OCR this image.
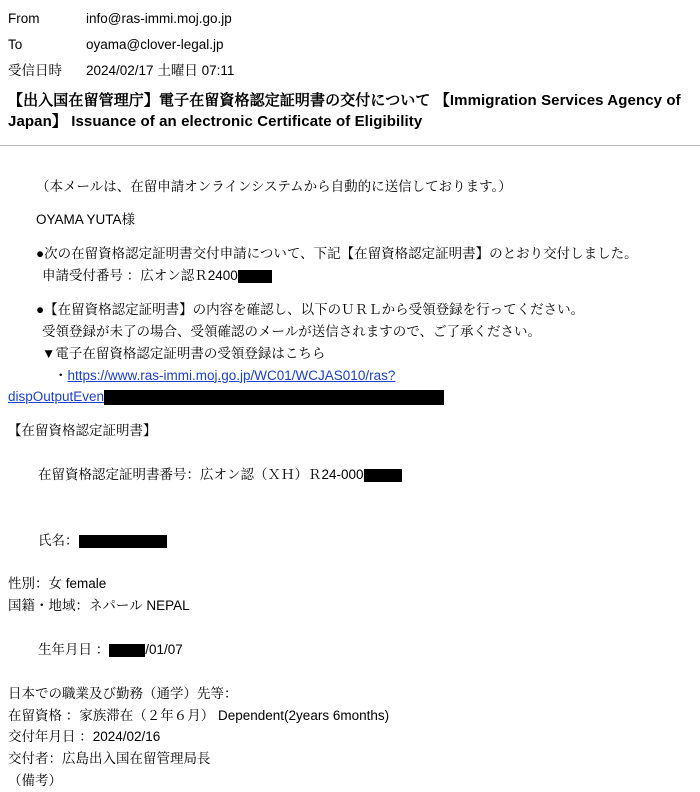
From	info@ras-immi.moj.go.jp
To	oyama@clover-legal.jp
受信日時	2024/02/17 土曜日 07:11
【出入国在留管理庁】電子在留資格認定証明書の交付について 【Immigration Services Agency of Japan】 Issuance of an electronic Certificate of Eligibility
（本メールは、在留申請オンラインシステムから自動的に送信しております。）
OYAMA YUTA様
●次の在留資格認定証明書交付申請について、下記【在留資格認定証明書】のとおり交付しました。
申請受付番号 ：広オン認Ｒ2400
●【在留資格認定証明書】の内容を確認し、以下のＵＲＬから受領登録を行ってください。
受領登録が未了の場合、受領確認のメールが送信されますので、ご了承ください。
▼電子在留資格認定証明書の受領登録はこちら
・ https://www.ras-immi.moj.go.jp/WC01/WCJAS010/ras?
dispOutputEven
【在留資格認定証明書】

在留資格認定証明書番号：広オン認（ＸＨ）Ｒ24-000

氏名：

性別：女 female
国籍・地域：ネパール NEPAL

生年月日 ：	/01/07

日本での職業及び勤務（通学）先等：
在留資格 ：家族滞在（２年６月） Dependent(2years 6months)
交付年月日 ：2024/02/16
交付者：広島出入国在留管理局長
（備考）
